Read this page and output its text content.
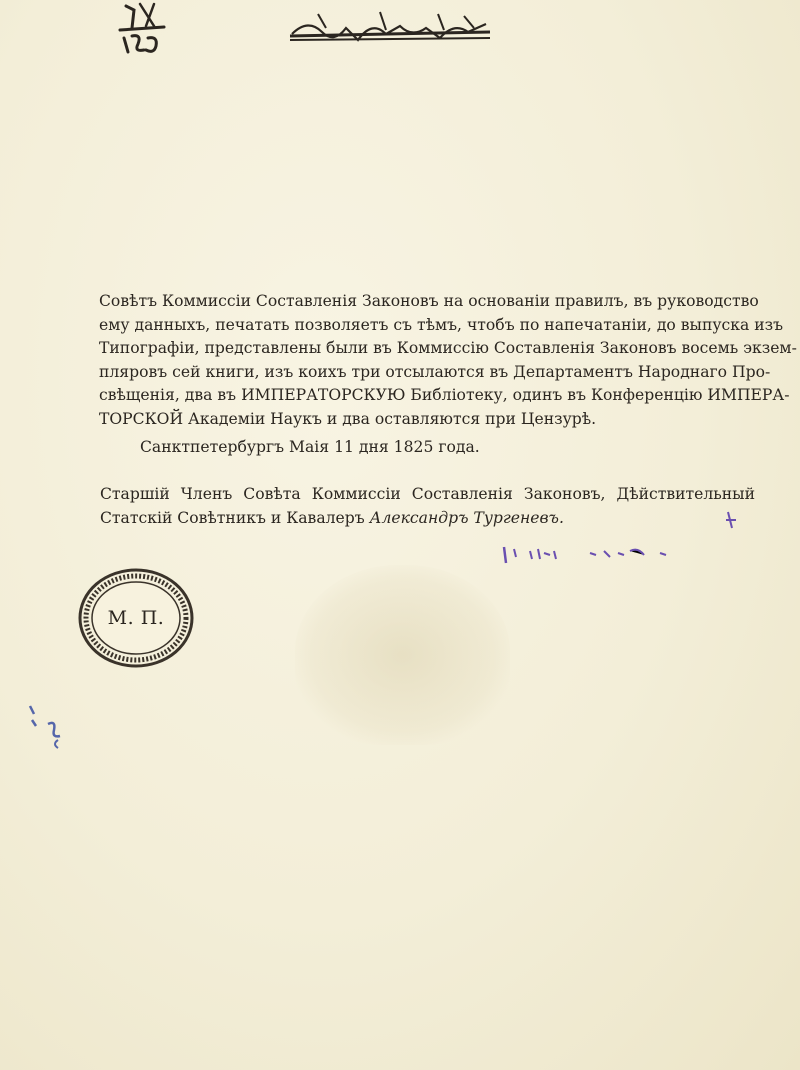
Совѣтъ Коммиссіи Составленія Законовъ на основаніи правилъ, въ руководство
ему данныхъ, печатать позволяетъ съ тѣмъ, чтобъ по напечатаніи, до выпуска изъ
Типографіи, представлены были въ Коммиссію Составленія Законовъ восемь экзем-
пляровъ сей книги, изъ коихъ три отсылаются въ Департаментъ Народнаго Про-
свѣщенія, два въ ИМПЕРАТОРСКУЮ Библіотеку, одинъ въ Конференцію ИМПЕРА-
ТОРСКОЙ Академіи Наукъ и два оставляются при Цензурѣ.
Санктпетербургъ Маія 11 дня 1825 года.
Старшій Членъ Совѣта Коммиссіи Составленія Законовъ, Дѣйствительный
Статскій Совѣтникъ и Кавалеръ Александръ Тургеневъ.
М. П.
